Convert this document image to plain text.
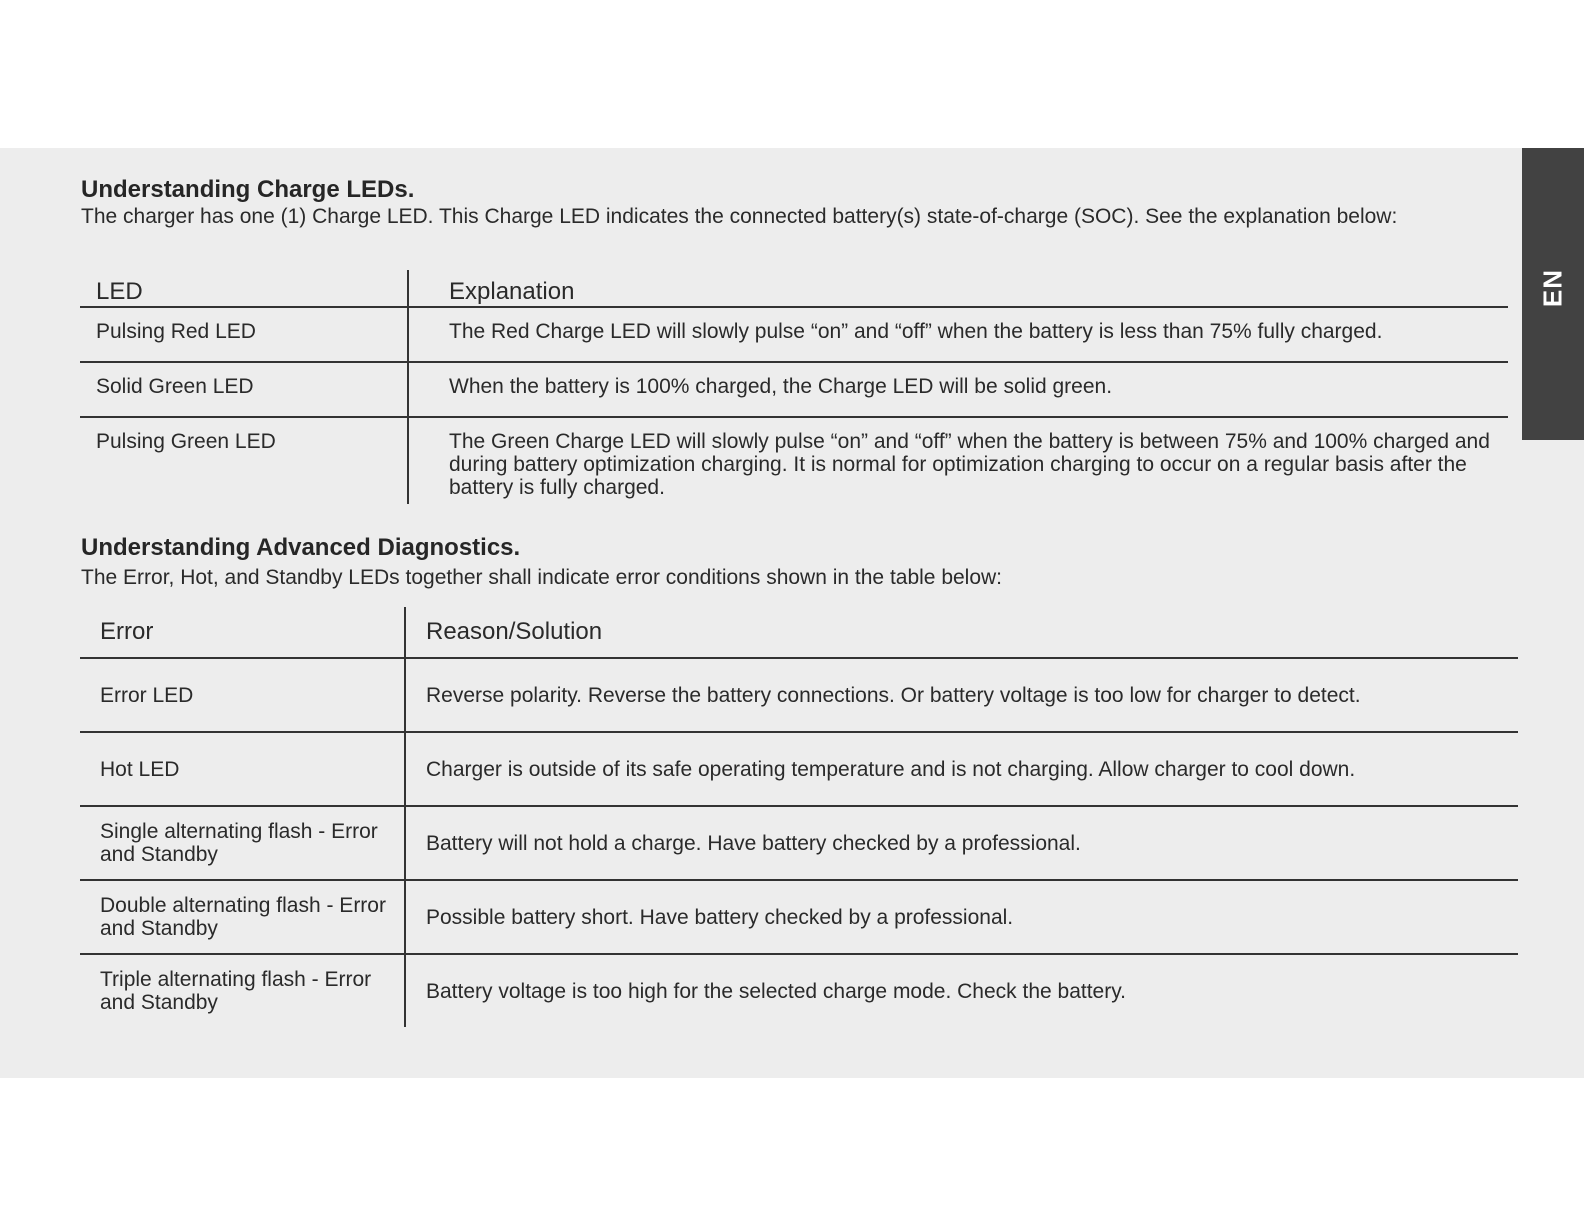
EN
Understanding Charge LEDs.

The charger has one (1) Charge LED. This Charge LED indicates the connected battery(s) state-of-charge (SOC). See the explanation below:

LED	Explanation
Pulsing Red LED	The Red Charge LED will slowly pulse “on” and “off” when the battery is less than 75% fully charged.
Solid Green LED	When the battery is 100% charged, the Charge LED will be solid green.
Pulsing Green LED	The Green Charge LED will slowly pulse “on” and “off” when the battery is between 75% and 100% charged and during battery optimization charging. It is normal for optimization charging to occur on a regular basis after the battery is fully charged.
Understanding Advanced Diagnostics.

The Error, Hot, and Standby LEDs together shall indicate error conditions shown in the table below:

Error	Reason/Solution
Error LED	Reverse polarity. Reverse the battery connections. Or battery voltage is too low for charger to detect.
Hot LED	Charger is outside of its safe operating temperature and is not charging. Allow charger to cool down.
Single alternating flash - Error and Standby	Battery will not hold a charge. Have battery checked by a professional.
Double alternating flash - Error and Standby	Possible battery short. Have battery checked by a professional.
Triple alternating flash - Error and Standby	Battery voltage is too high for the selected charge mode. Check the battery.
